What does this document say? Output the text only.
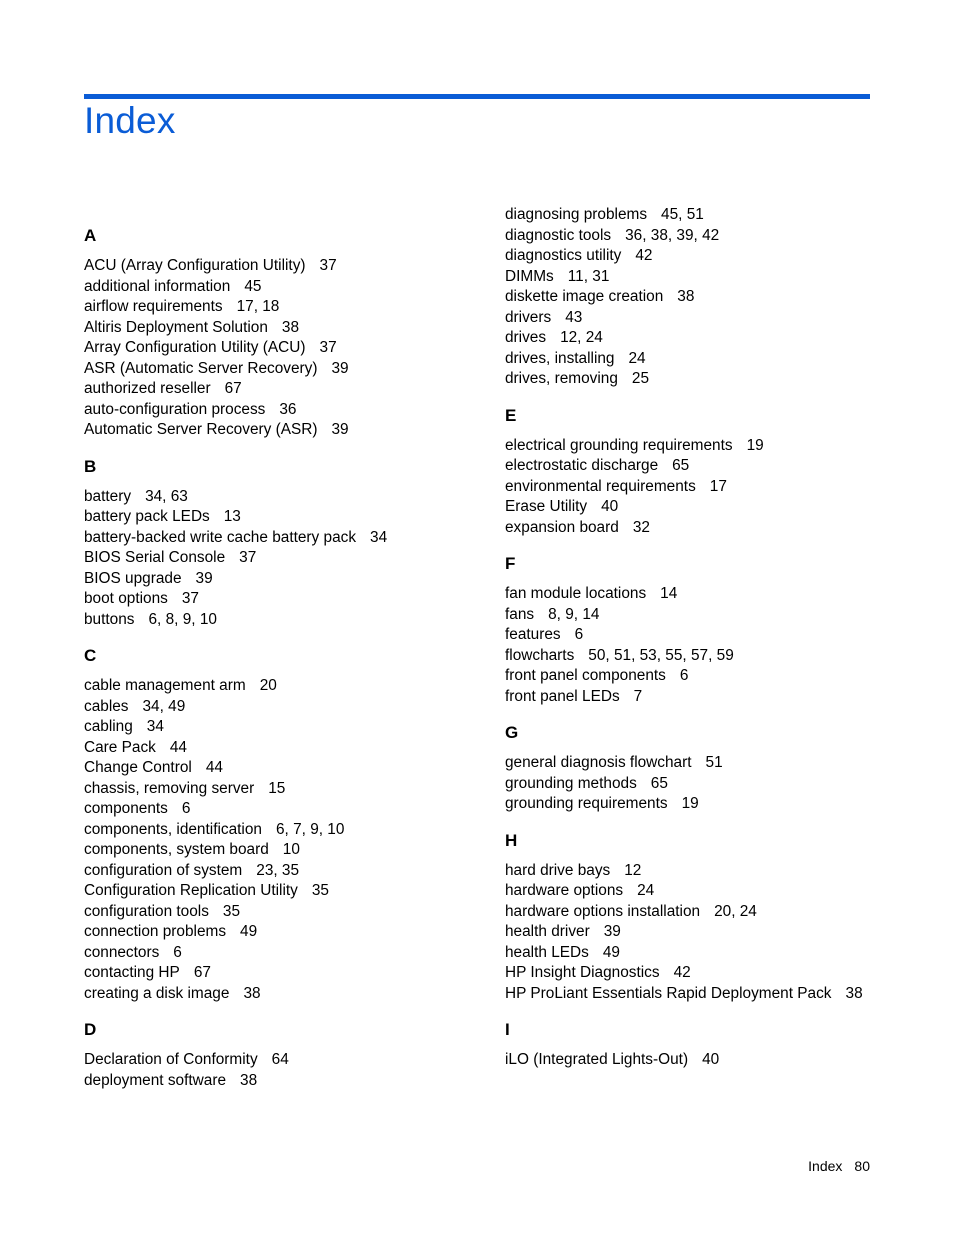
Index
A
ACU (Array Configuration Utility) 37
additional information 45
airflow requirements 17, 18
Altiris Deployment Solution 38
Array Configuration Utility (ACU) 37
ASR (Automatic Server Recovery) 39
authorized reseller 67
auto-configuration process 36
Automatic Server Recovery (ASR) 39
B
battery 34, 63
battery pack LEDs 13
battery-backed write cache battery pack 34
BIOS Serial Console 37
BIOS upgrade 39
boot options 37
buttons 6, 8, 9, 10
C
cable management arm 20
cables 34, 49
cabling 34
Care Pack 44
Change Control 44
chassis, removing server 15
components 6
components, identification 6, 7, 9, 10
components, system board 10
configuration of system 23, 35
Configuration Replication Utility 35
configuration tools 35
connection problems 49
connectors 6
contacting HP 67
creating a disk image 38
D
Declaration of Conformity 64
deployment software 38
diagnosing problems 45, 51
diagnostic tools 36, 38, 39, 42
diagnostics utility 42
DIMMs 11, 31
diskette image creation 38
drivers 43
drives 12, 24
drives, installing 24
drives, removing 25
E
electrical grounding requirements 19
electrostatic discharge 65
environmental requirements 17
Erase Utility 40
expansion board 32
F
fan module locations 14
fans 8, 9, 14
features 6
flowcharts 50, 51, 53, 55, 57, 59
front panel components 6
front panel LEDs 7
G
general diagnosis flowchart 51
grounding methods 65
grounding requirements 19
H
hard drive bays 12
hardware options 24
hardware options installation 20, 24
health driver 39
health LEDs 49
HP Insight Diagnostics 42
HP ProLiant Essentials Rapid Deployment Pack 38
I
iLO (Integrated Lights-Out) 40
Index 80
